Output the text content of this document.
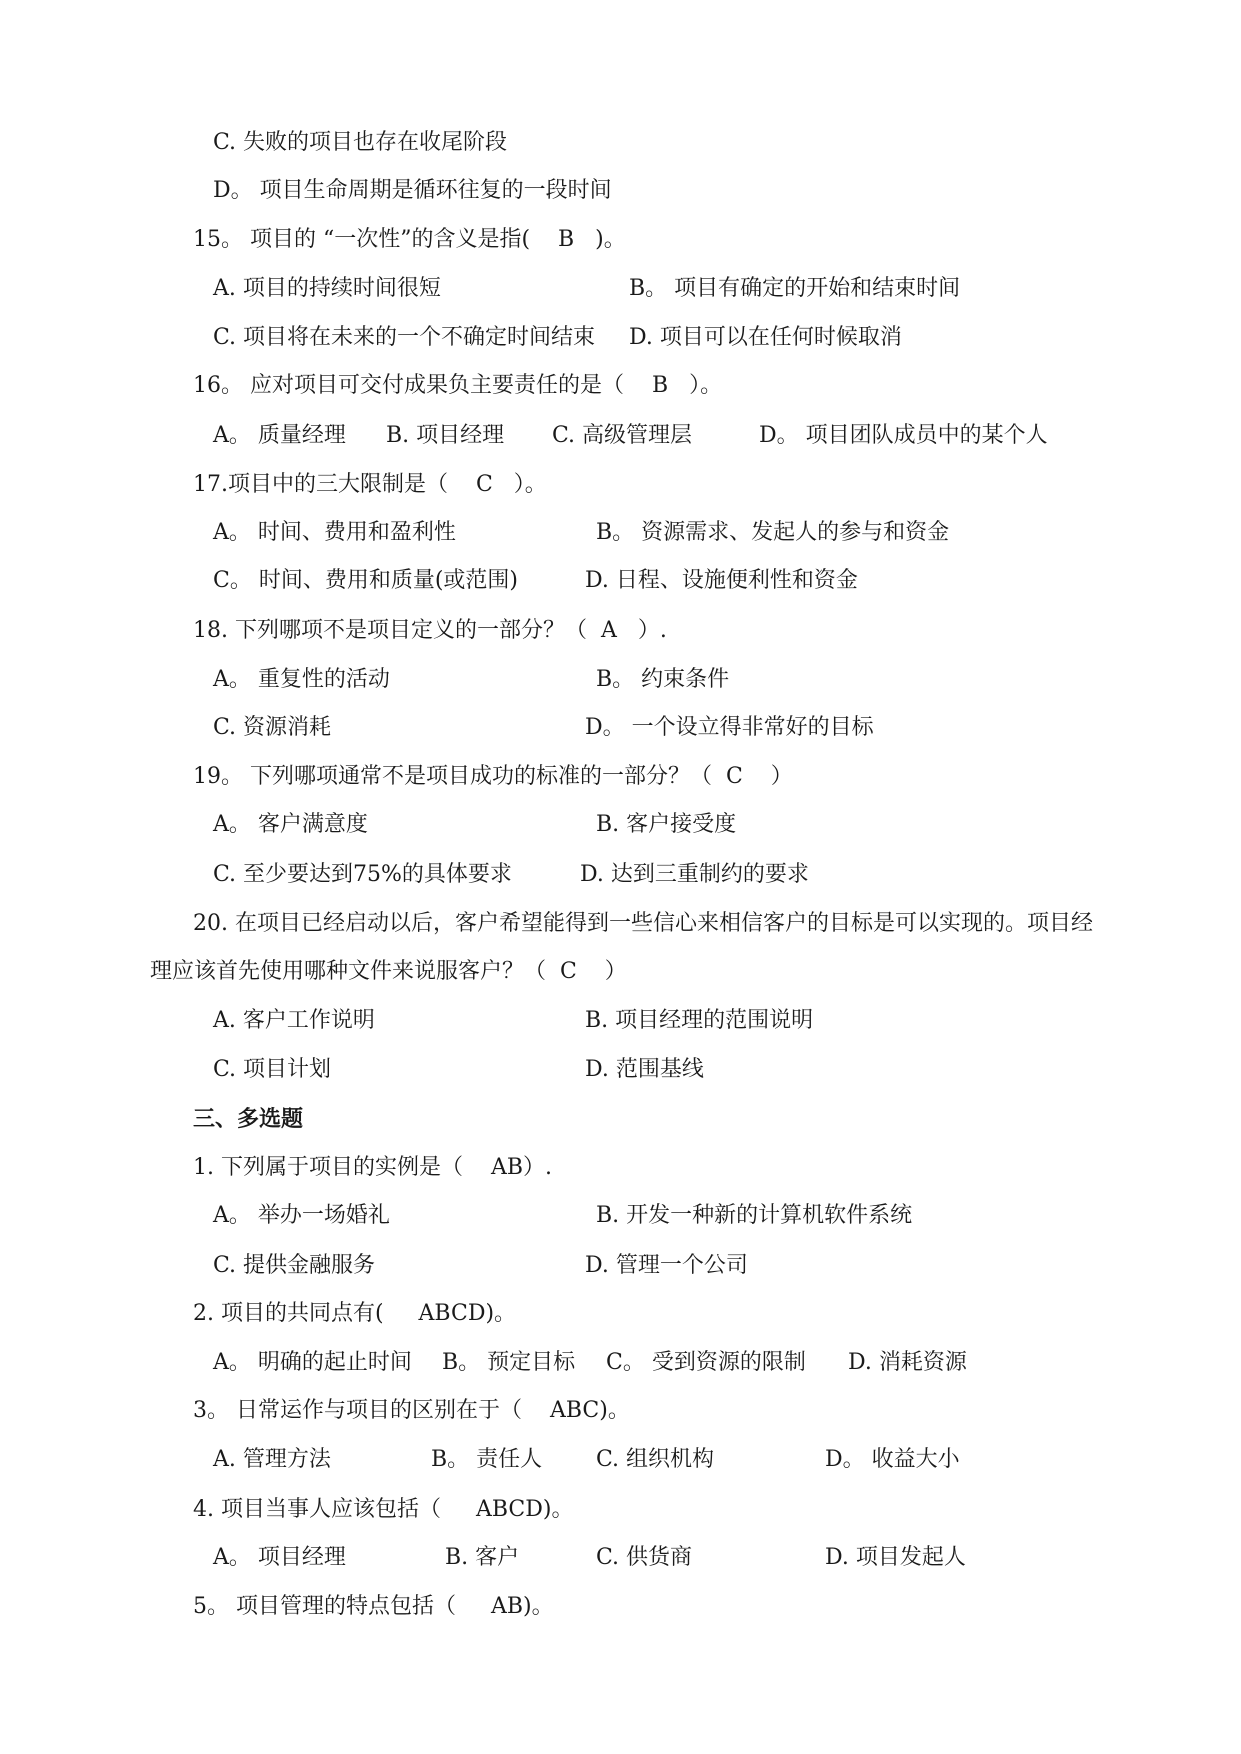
C. 失败的项目也存在收尾阶段
D。 项目生命周期是循环往复的一段时间
15。 项目的 “一次性”的含义是指(    B   )。
A. 项目的持续时间很短	B。 项目有确定的开始和结束时间
C. 项目将在未来的一个不确定时间结束 D. 项目可以在任何时候取消
16。 应对项目可交付成果负主要责任的是（    B   ）。
A。 质量经理 B. 项目经理 C. 高级管理层	D。 项目团队成员中的某个人
17.项目中的三大限制是（    C   ）。
A。 时间、费用和盈利性	B。 资源需求、发起人的参与和资金
C。 时间、费用和质量(或范围)	D. 日程、设施便利性和资金
18. 下列哪项不是项目定义的一部分？（  A   ）.
A。 重复性的活动	B。 约束条件
C. 资源消耗	D。 一个设立得非常好的目标
19。 下列哪项通常不是项目成功的标准的一部分？（  C    ）
A。 客户满意度	B. 客户接受度
C. 至少要达到75%的具体要求	D. 达到三重制约的要求
20. 在项目已经启动以后，客户希望能得到一些信心来相信客户的目标是可以实现的。项目经
理应该首先使用哪种文件来说服客户？（  C    ）
A. 客户工作说明	B. 项目经理的范围说明
C. 项目计划	D. 范围基线
三、多选题
1. 下列属于项目的实例是（    AB）.
A。 举办一场婚礼	B. 开发一种新的计算机软件系统
C. 提供金融服务	D. 管理一个公司
2. 项目的共同点有(     ABCD)。
A。 明确的起止时间 B。 预定目标 C。 受到资源的限制 D. 消耗资源
3。 日常运作与项目的区别在于（    ABC)。
A. 管理方法	B。 责任人 C. 组织机构	D。 收益大小
4. 项目当事人应该包括（     ABCD)。
A。 项目经理	B. 客户	C. 供货商	D. 项目发起人
5。 项目管理的特点包括（     AB)。
